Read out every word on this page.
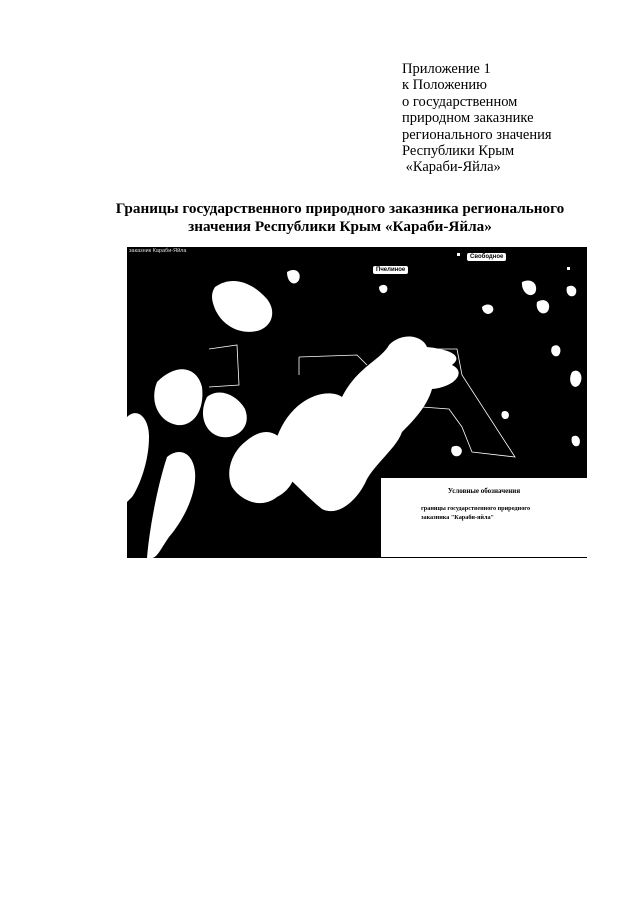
Приложение 1
к Положению
о государственном
природном заказнике
регионального значения
Республики Крым
«Караби-Яйла»
Границы государственного природного заказника регионального
значения Республики Крым «Караби-Яйла»
заказник Караби-Яйла
Пчелиное
Свободное
Условные обозначения
границы государственного природного
заказника "Караби-яйла"
